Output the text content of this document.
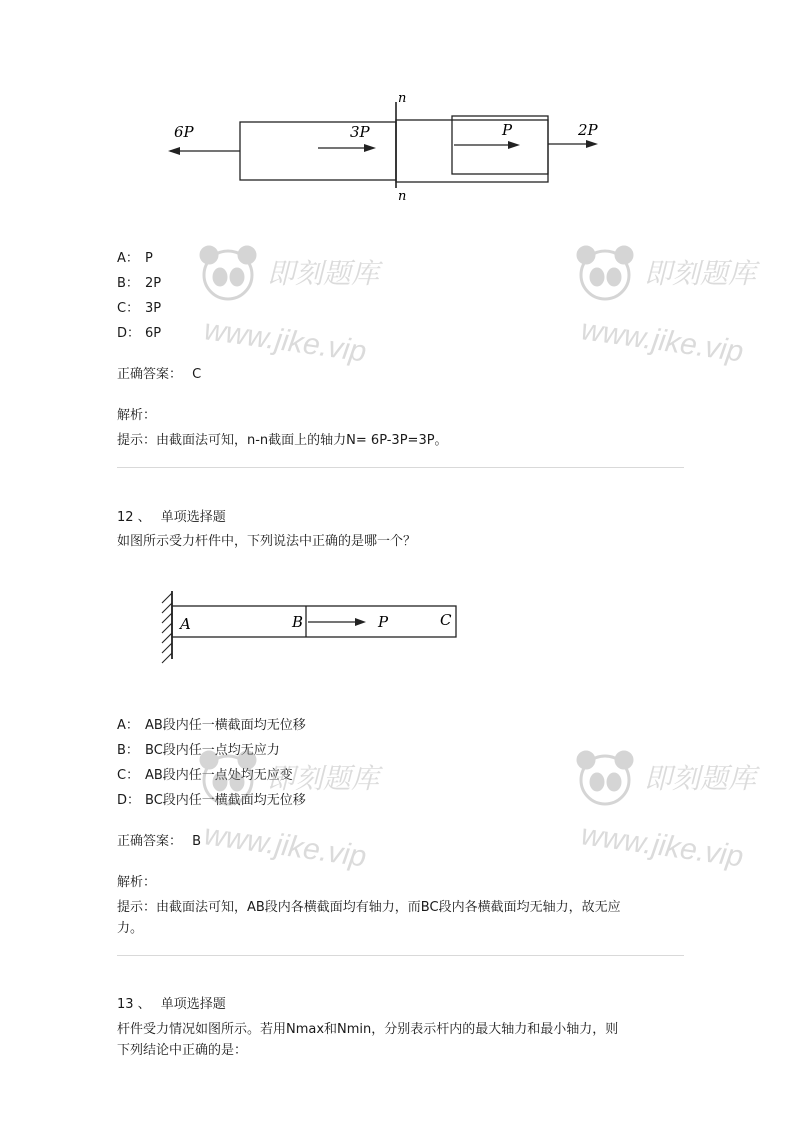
6P	3P	P	2P
n
n
A： P
B： 2P
C： 3P
D： 6P
正确答案： C
解析：
提示：由截面法可知，n-n截面上的轴力N= 6P-3P=3P。
12 、 单项选择题
如图所示受力杆件中，下列说法中正确的是哪一个？
A	B	P	C
A： AB段内任一横截面均无位移
B： BC段内任一点均无应力
C： AB段内任一点处均无应变
D： BC段内任一横截面均无位移
正确答案： B
解析：
提示：由截面法可知，AB段内各横截面均有轴力，而BC段内各横截面均无轴力，故无应
力。
13 、 单项选择题
杆件受力情况如图所示。若用Nmax和Nmin，分别表示杆内的最大轴力和最小轴力，则
下列结论中正确的是：
即刻题库
www.jike.vip
即刻题库
www.jike.vip
即刻题库
www.jike.vip
即刻题库
www.jike.vip
